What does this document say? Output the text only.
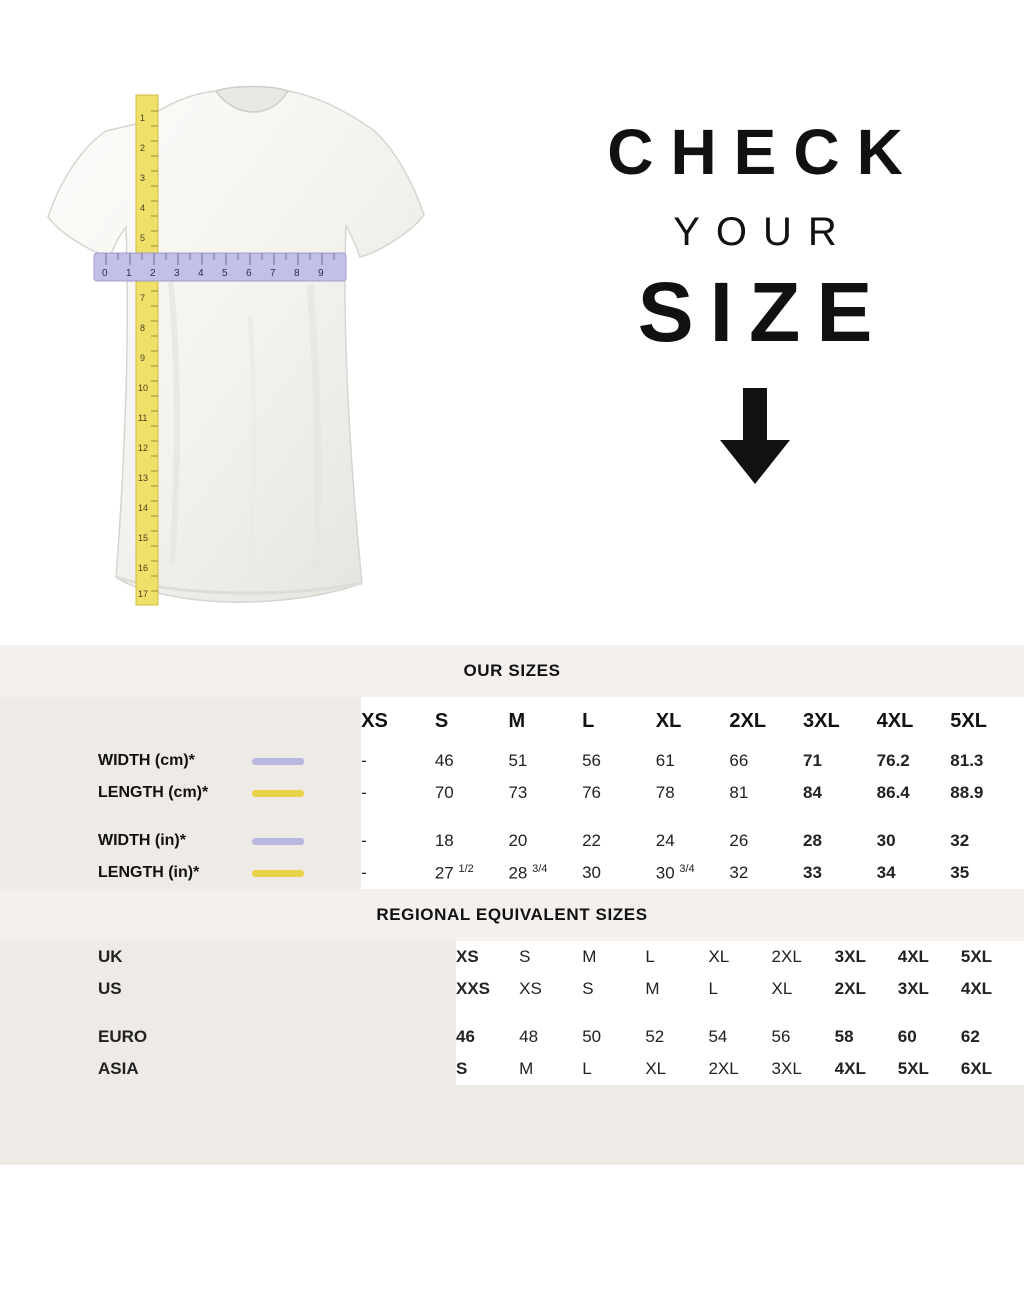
1
2
3
4
5
7
8
9
10
11
12
13
14
15
16
17
0 1 2 3 4 5 6 7 8 9
CHECK
YOUR
SIZE
OUR SIZES
	XS	S	M	L	XL	2XL	3XL	4XL	5XL

WIDTH (cm)*	-	46	51	56	61	66	71	76.2	81.3

LENGTH (cm)*	-	70	73	76	78	81	84	86.4	88.9

WIDTH (in)*	-	18	20	22	24	26	28	30	32

LENGTH (in)*	-	27 $^{1/2}$	28 $^{3/4}$	30	30 $^{3/4}$	32	33	34	35
REGIONAL EQUIVALENT SIZES
UK	XS	S	M	L	XL	2XL	3XL	4XL	5XL
US	XXS	XS	S	M	L	XL	2XL	3XL	4XL

EURO	46	48	50	52	54	56	58	60	62
ASIA	S	M	L	XL	2XL	3XL	4XL	5XL	6XL
